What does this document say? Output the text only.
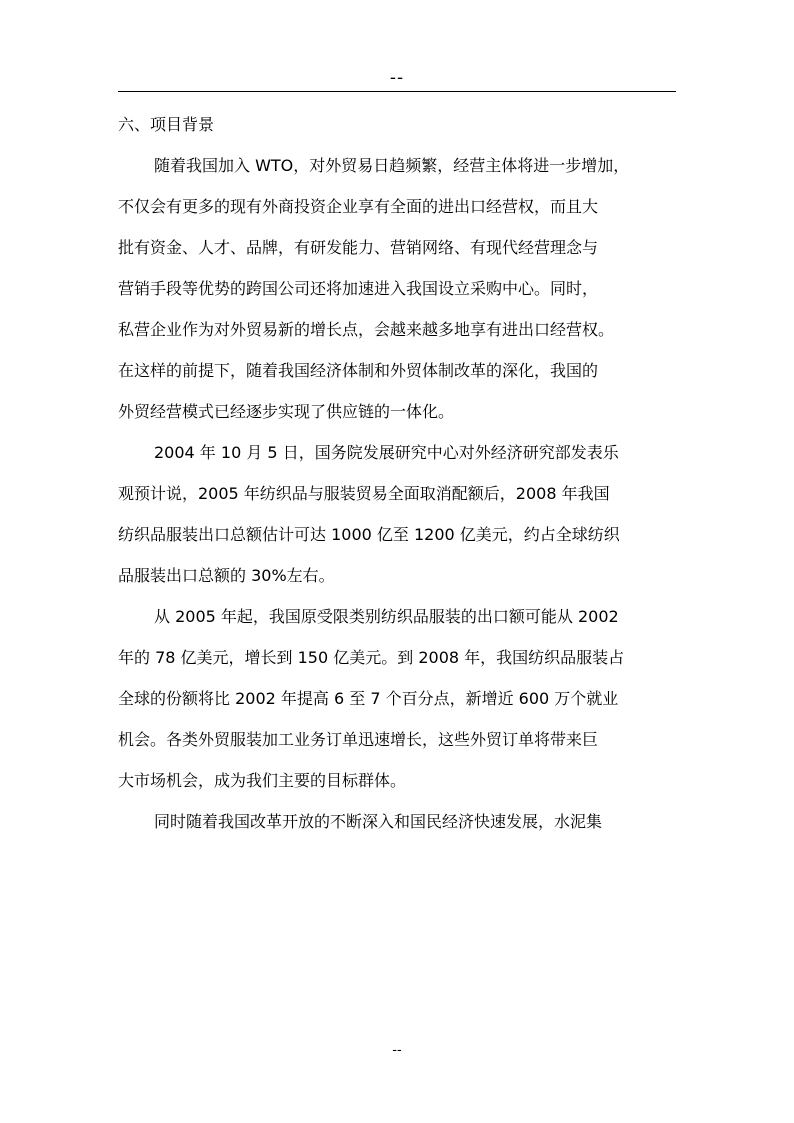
--
六、项目背景
随着我国加入 WTO，对外贸易日趋频繁，经营主体将进一步增加，
不仅会有更多的现有外商投资企业享有全面的进出口经营权，而且大
批有资金、人才、品牌，有研发能力、营销网络、有现代经营理念与
营销手段等优势的跨国公司还将加速进入我国设立采购中心。同时，
私营企业作为对外贸易新的增长点，会越来越多地享有进出口经营权。
在这样的前提下，随着我国经济体制和外贸体制改革的深化，我国的
外贸经营模式已经逐步实现了供应链的一体化。
2004 年 10 月 5 日，国务院发展研究中心对外经济研究部发表乐
观预计说，2005 年纺织品与服装贸易全面取消配额后，2008 年我国
纺织品服装出口总额估计可达 1000 亿至 1200 亿美元，约占全球纺织
品服装出口总额的 30%左右。
从 2005 年起，我国原受限类别纺织品服装的出口额可能从 2002
年的 78 亿美元，增长到 150 亿美元。到 2008 年，我国纺织品服装占
全球的份额将比 2002 年提高 6 至 7 个百分点，新增近 600 万个就业
机会。各类外贸服装加工业务订单迅速增长，这些外贸订单将带来巨
大市场机会，成为我们主要的目标群体。
同时随着我国改革开放的不断深入和国民经济快速发展，水泥集
--
